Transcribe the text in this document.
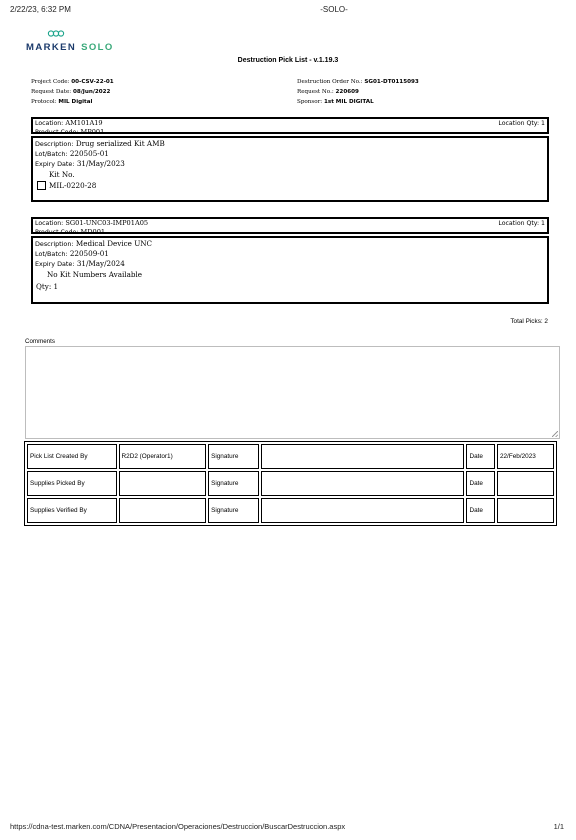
2/22/23, 6:32 PM	-SOLO-
MARKEN SOLO
Destruction Pick List - v.1.19.3
Project Code: 00-CSV-22-01
Request Date: 08/Jun/2022
Protocol: MIL Digital
Destruction Order No.: SG01-DT0115093
Request No.: 220609
Sponsor: 1st MIL DIGITAL
Location: AM101A19
Product Code: MP001
Location Qty: 1
Description: Drug serialized Kit AMB
Lot/Batch: 220505-01
Expiry Date: 31/May/2023
Kit No.
MIL-0220-28
Location: SG01-UNC03-IMP01A05
Product Code: MD001
Location Qty: 1
Description: Medical Device UNC
Lot/Batch: 220509-01
Expiry Date: 31/May/2024
No Kit Numbers Available
Qty: 1
Total Picks: 2
Comments
Pick List Created By	R2D2 (Operator1)	Signature		Date	22/Feb/2023
Supplies Picked By		Signature		Date	
Supplies Verified By		Signature		Date	
https://cdna-test.marken.com/CDNA/Presentacion/Operaciones/Destruccion/BuscarDestruccion.aspx	1/1
